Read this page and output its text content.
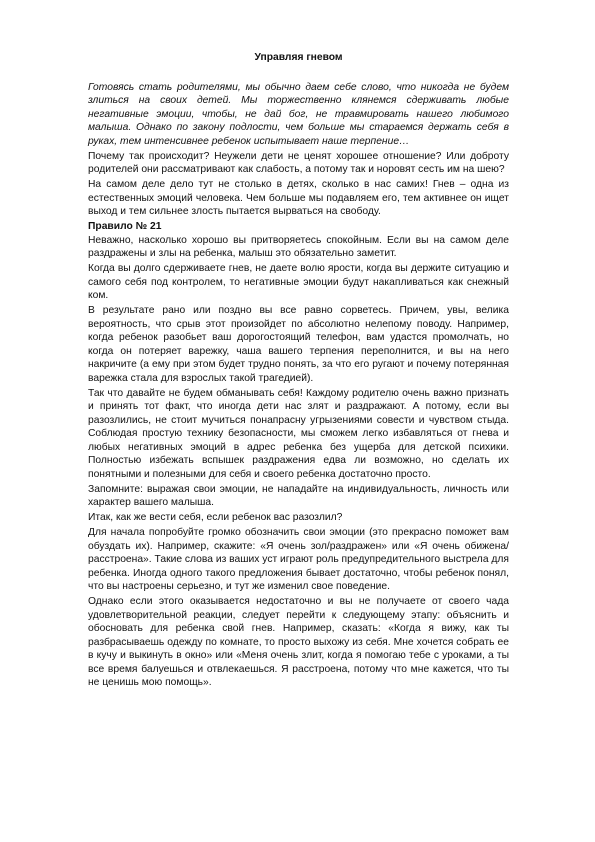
Управляя гневом

Готовясь стать родителями, мы обычно даем себе слово, что никогда не будем злиться на своих детей. Мы торжественно клянемся сдерживать любые негативные эмоции, чтобы, не дай бог, не травмировать нашего любимого малыша. Однако по закону подлости, чем больше мы стараемся держать себя в руках, тем интенсивнее ребенок испытывает наше терпение…

Почему так происходит? Неужели дети не ценят хорошее отношение? Или доброту родителей они рассматривают как слабость, а потому так и норовят сесть им на шею?

На самом деле дело тут не столько в детях, сколько в нас самих! Гнев – одна из естественных эмоций человека. Чем больше мы подавляем его, тем активнее он ищет выход и тем сильнее злость пытается вырваться на свободу.

Правило № 21

Неважно, насколько хорошо вы притворяетесь спокойным. Если вы на самом деле раздражены и злы на ребенка, малыш это обязательно заметит.

Когда вы долго сдерживаете гнев, не даете волю ярости, когда вы держите ситуацию и самого себя под контролем, то негативные эмоции будут накапливаться как снежный ком.

В результате рано или поздно вы все равно сорветесь. Причем, увы, велика вероятность, что срыв этот произойдет по абсолютно нелепому поводу. Например, когда ребенок разобьет ваш дорогостоящий телефон, вам удастся промолчать, но когда он потеряет варежку, чаша вашего терпения переполнится, и вы на него накричите (а ему при этом будет трудно понять, за что его ругают и почему потерянная варежка стала для взрослых такой трагедией).

Так что давайте не будем обманывать себя! Каждому родителю очень важно признать и принять тот факт, что иногда дети нас злят и раздражают. А потому, если вы разозлились, не стоит мучиться понапрасну угрызениями совести и чувством стыда. Соблюдая простую технику безопасности, мы сможем легко избавляться от гнева и любых негативных эмоций в адрес ребенка без ущерба для детской психики. Полностью избежать вспышек раздражения едва ли возможно, но сделать их понятными и полезными для себя и своего ребенка достаточно просто.

Запомните: выражая свои эмоции, не нападайте на индивидуальность, личность или характер вашего малыша.

Итак, как же вести себя, если ребенок вас разозлил?

Для начала попробуйте громко обозначить свои эмоции (это прекрасно поможет вам обуздать их). Например, скажите: «Я очень зол/раздражен» или «Я очень обижена/расстроена». Такие слова из ваших уст играют роль предупредительного выстрела для ребенка. Иногда одного такого предложения бывает достаточно, чтобы ребенок понял, что вы настроены серьезно, и тут же изменил свое поведение.

Однако если этого оказывается недостаточно и вы не получаете от своего чада удовлетворительной реакции, следует перейти к следующему этапу: объяснить и обосновать для ребенка свой гнев. Например, сказать: «Когда я вижу, как ты разбрасываешь одежду по комнате, то просто выхожу из себя. Мне хочется собрать ее в кучу и выкинуть в окно» или «Меня очень злит, когда я помогаю тебе с уроками, а ты все время балуешься и отвлекаешься. Я расстроена, потому что мне кажется, что ты не ценишь мою помощь».
